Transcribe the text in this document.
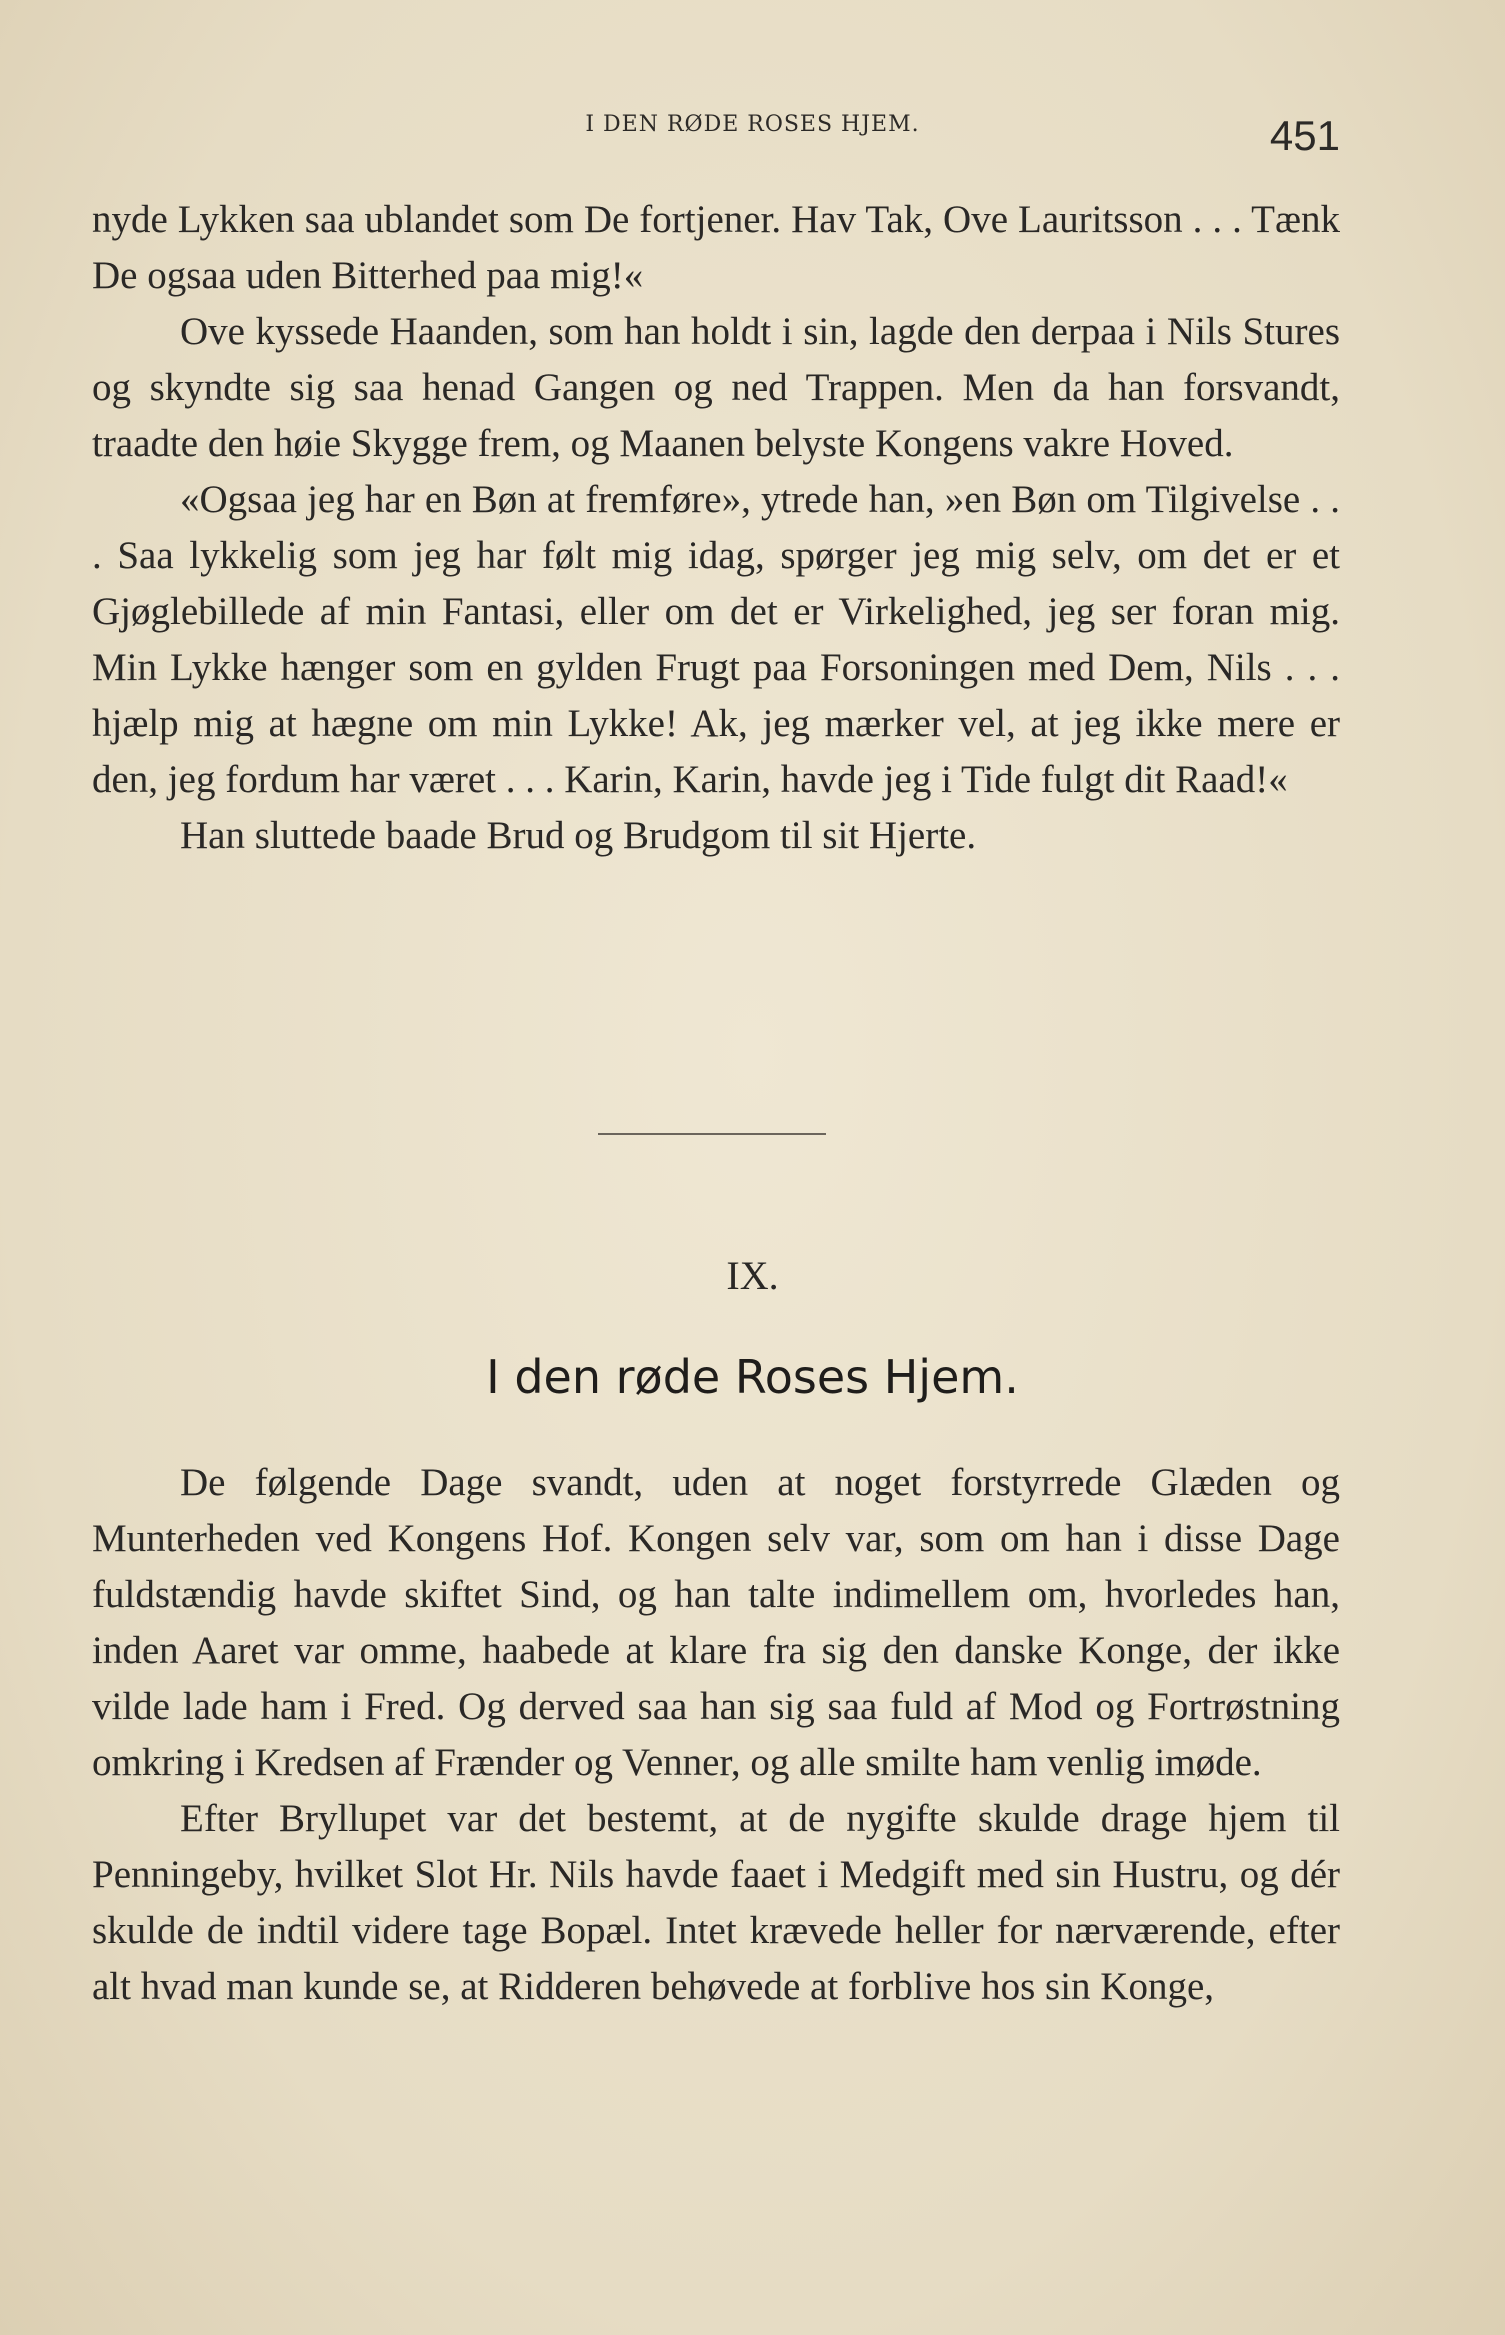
I DEN RØDE ROSES HJEM.	451

nyde Lykken saa ublandet som De fortjener. Hav Tak, Ove Lauritsson . . . Tænk De ogsaa uden Bitterhed paa mig!«

Ove kyssede Haanden, som han holdt i sin, lagde den derpaa i Nils Stures og skyndte sig saa henad Gangen og ned Trappen. Men da han forsvandt, traadte den høie Skygge frem, og Maanen belyste Kongens vakre Hoved.

«Ogsaa jeg har en Bøn at fremføre», ytrede han, »en Bøn om Tilgivelse . . . Saa lykkelig som jeg har følt mig idag, spørger jeg mig selv, om det er et Gjøglebillede af min Fantasi, eller om det er Virkelighed, jeg ser foran mig. Min Lykke hænger som en gylden Frugt paa Forsoningen med Dem, Nils . . . hjælp mig at hægne om min Lykke! Ak, jeg mærker vel, at jeg ikke mere er den, jeg fordum har været . . . Karin, Karin, havde jeg i Tide fulgt dit Raad!«

Han sluttede baade Brud og Brudgom til sit Hjerte.

IX.
I den røde Roses Hjem.

De følgende Dage svandt, uden at noget forstyrrede Glæden og Munterheden ved Kongens Hof. Kongen selv var, som om han i disse Dage fuldstændig havde skiftet Sind, og han talte indimellem om, hvorledes han, inden Aaret var omme, haabede at klare fra sig den danske Konge, der ikke vilde lade ham i Fred. Og derved saa han sig saa fuld af Mod og Fortrøstning omkring i Kredsen af Frænder og Venner, og alle smilte ham venlig imøde.

Efter Bryllupet var det bestemt, at de nygifte skulde drage hjem til Penningeby, hvilket Slot Hr. Nils havde faaet i Medgift med sin Hustru, og dér skulde de indtil videre tage Bopæl. Intet krævede heller for nærværende, efter alt hvad man kunde se, at Ridderen behøvede at forblive hos sin Konge,
